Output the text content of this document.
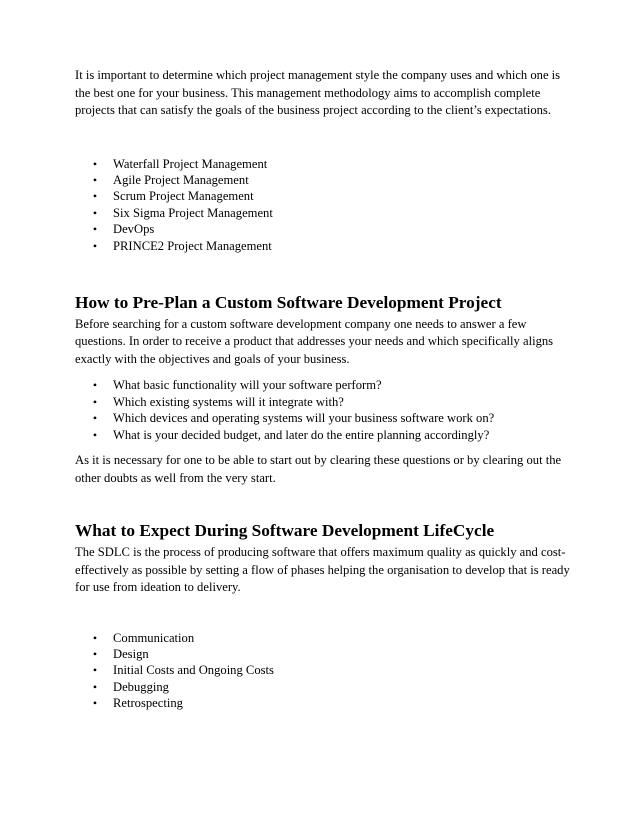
It is important to determine which project management style the company uses and which one is the best one for your business. This management methodology aims to accomplish complete projects that can satisfy the goals of the business project according to the client’s expectations.

• Waterfall Project Management
• Agile Project Management
• Scrum Project Management
• Six Sigma Project Management
• DevOps
• PRINCE2 Project Management
How to Pre-Plan a Custom Software Development Project

Before searching for a custom software development company one needs to answer a few questions. In order to receive a product that addresses your needs and which specifically aligns exactly with the objectives and goals of your business.

• What basic functionality will your software perform?
• Which existing systems will it integrate with?
• Which devices and operating systems will your business software work on?
• What is your decided budget, and later do the entire planning accordingly?

As it is necessary for one to be able to start out by clearing these questions or by clearing out the other doubts as well from the very start.

What to Expect During Software Development LifeCycle

The SDLC is the process of producing software that offers maximum quality as quickly and cost-effectively as possible by setting a flow of phases helping the organisation to develop that is ready for use from ideation to delivery.

• Communication
• Design
• Initial Costs and Ongoing Costs
• Debugging
• Retrospecting
